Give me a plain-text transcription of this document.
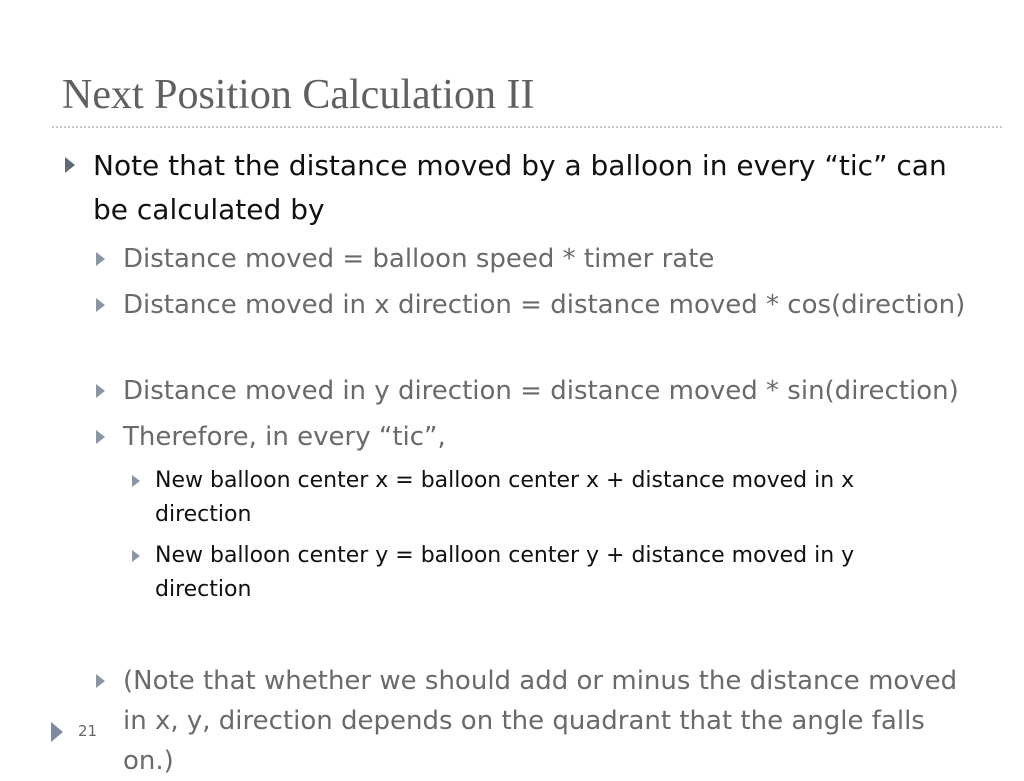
Next Position Calculation II
Note that the distance moved by a balloon in every “tic” can be calculated by
Distance moved = balloon speed * timer rate
Distance moved in x direction = distance moved * cos(direction)
Distance moved in y direction = distance moved * sin(direction)
Therefore, in every “tic”,
New balloon center x = balloon center x + distance moved in x direction
New balloon center y = balloon center y + distance moved in y direction
(Note that whether we should add or minus the distance moved in x, y, direction depends on the quadrant that the angle falls on.)
21
